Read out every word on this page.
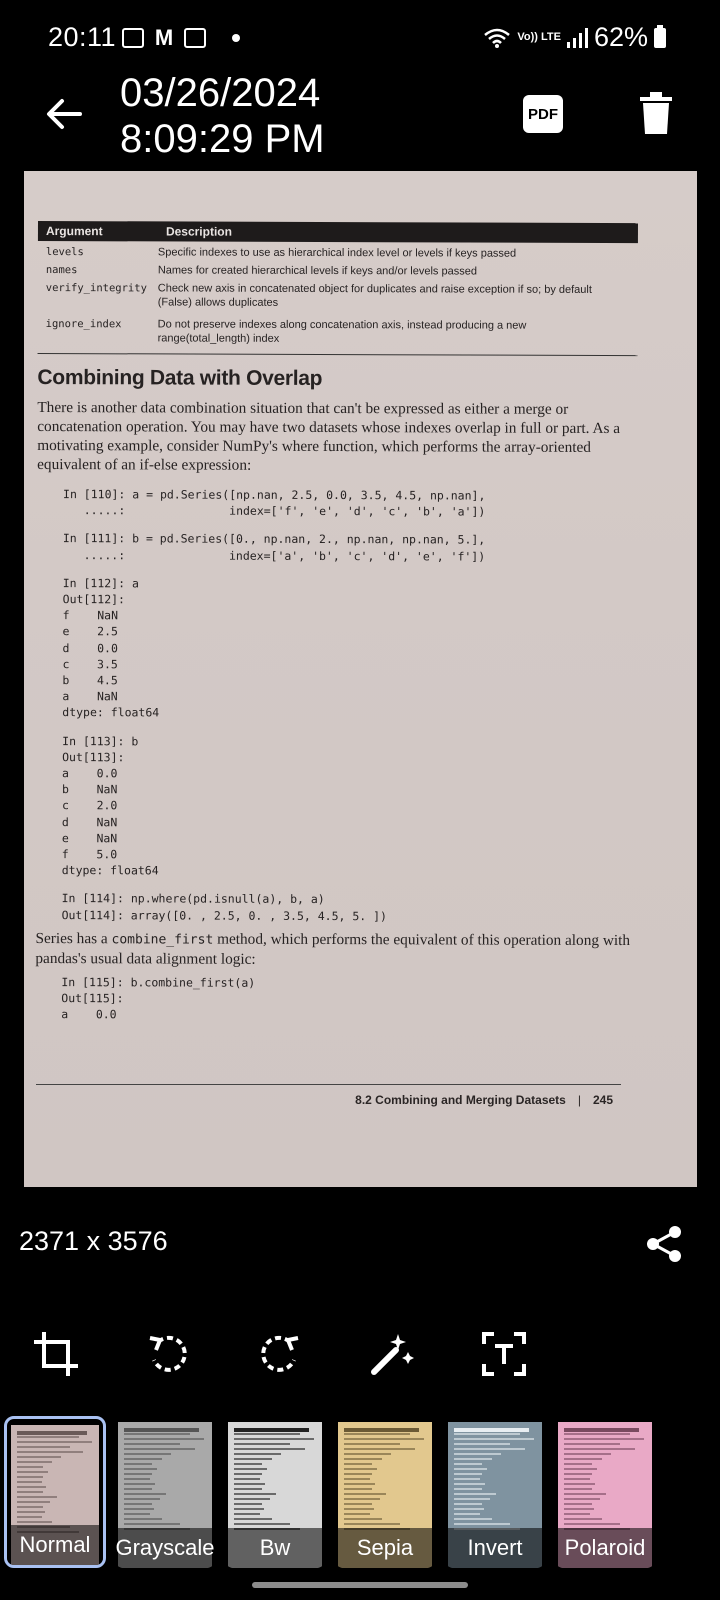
20:11 M	Vo)) LTE 62%
03/26/2024
8:09:29 PM
PDF
Argument	Description
levels	Specific indexes to use as hierarchical index level or levels if keys passed
names	Names for created hierarchical levels if keys and/or levels passed
verify_integrity Check new axis in concatenated object for duplicates and raise exception if so; by default (False) allows duplicates
ignore_index	Do not preserve indexes along concatenation axis, instead producing a new range(total_length) index
Combining Data with Overlap
There is another data combination situation that can't be expressed as either a merge or concatenation operation. You may have two datasets whose indexes overlap in full or part. As a motivating example, consider NumPy's where function, which performs the array-oriented equivalent of an if-else expression:
In [110]: a = pd.Series([np.nan, 2.5, 0.0, 3.5, 4.5, np.nan],
.....:               index=['f', 'e', 'd', 'c', 'b', 'a'])
In [111]: b = pd.Series([0., np.nan, 2., np.nan, np.nan, 5.],
.....:               index=['a', 'b', 'c', 'd', 'e', 'f'])
In [112]: a
Out[112]:
f    NaN
e    2.5
d    0.0
c    3.5
b    4.5
a    NaN
dtype: float64
In [113]: b
Out[113]:
a    0.0
b    NaN
c    2.0
d    NaN
e    NaN
f    5.0
dtype: float64
In [114]: np.where(pd.isnull(a), b, a)
Out[114]: array([0. , 2.5, 0. , 3.5, 4.5, 5. ])
Series has a combine_first method, which performs the equivalent of this operation along with pandas's usual data alignment logic:
In [115]: b.combine_first(a)
Out[115]:
a    0.0
8.2 Combining and Merging Datasets | 245
2371 x 3576
Normal	Grayscale	Bw	Sepia	Invert	Polaroid
